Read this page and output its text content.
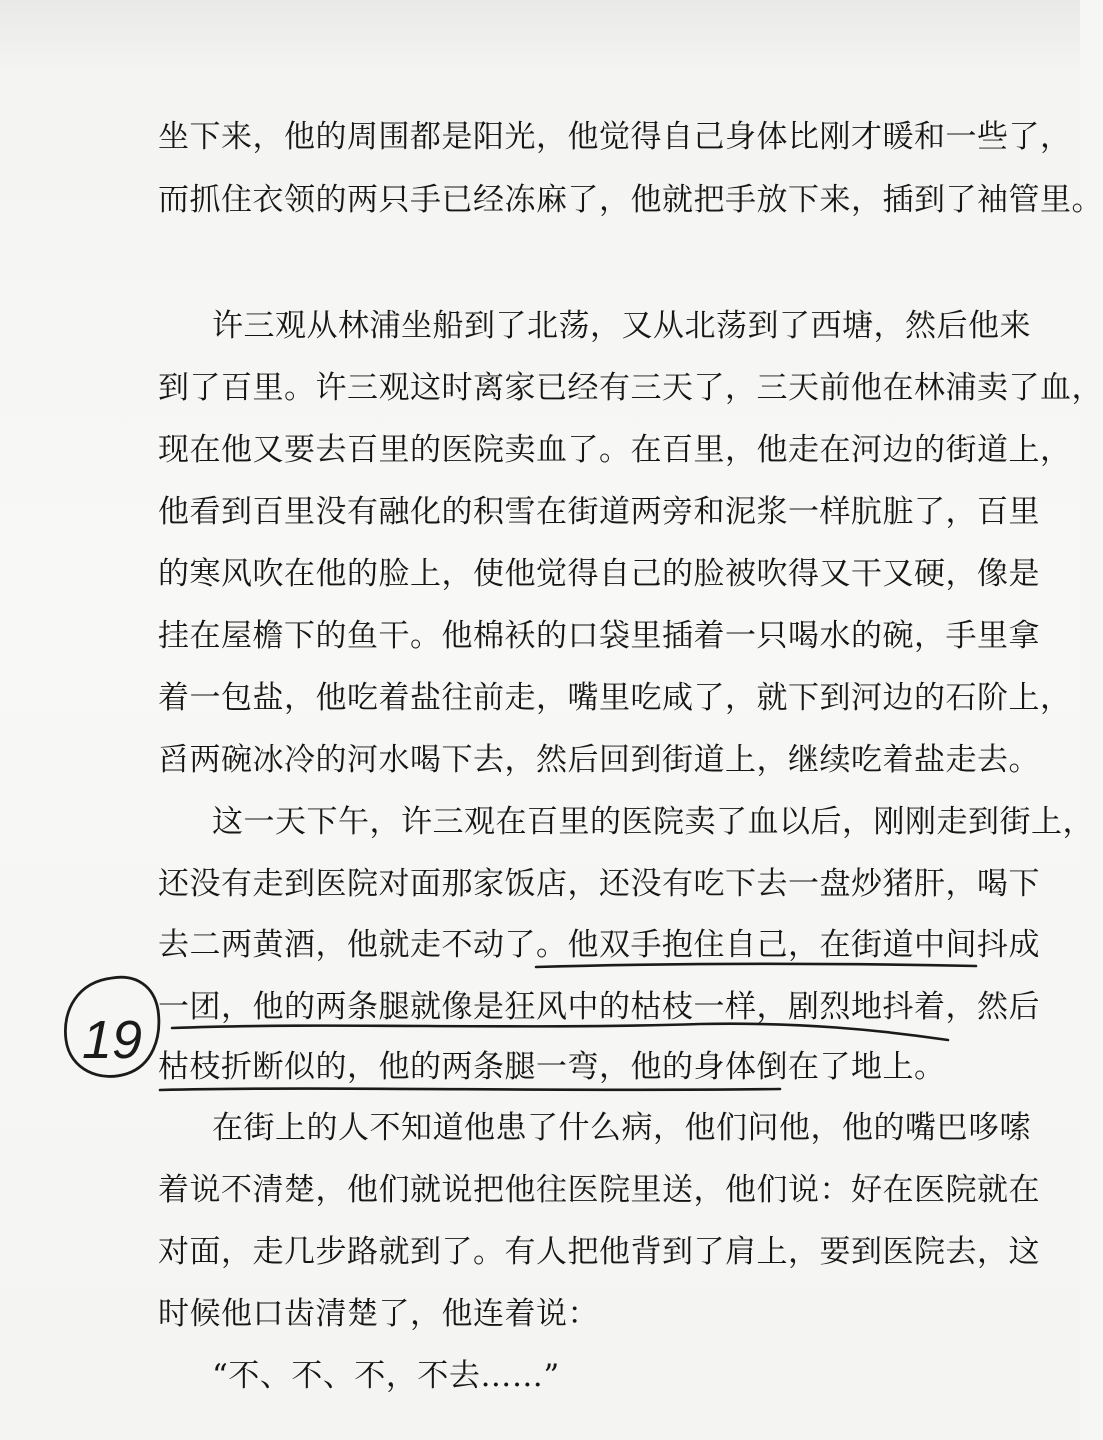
坐下来，他的周围都是阳光，他觉得自己身体比刚才暖和一些了，
而抓住衣领的两只手已经冻麻了，他就把手放下来，插到了袖管里。
许三观从林浦坐船到了北荡，又从北荡到了西塘，然后他来
到了百里。许三观这时离家已经有三天了，三天前他在林浦卖了血，
现在他又要去百里的医院卖血了。在百里，他走在河边的街道上，
他看到百里没有融化的积雪在街道两旁和泥浆一样肮脏了，百里
的寒风吹在他的脸上，使他觉得自己的脸被吹得又干又硬，像是
挂在屋檐下的鱼干。他棉袄的口袋里插着一只喝水的碗，手里拿
着一包盐，他吃着盐往前走，嘴里吃咸了，就下到河边的石阶上，
舀两碗冰冷的河水喝下去，然后回到街道上，继续吃着盐走去。
这一天下午，许三观在百里的医院卖了血以后，刚刚走到街上，
还没有走到医院对面那家饭店，还没有吃下去一盘炒猪肝，喝下
去二两黄酒，他就走不动了。他双手抱住自己，在街道中间抖成
一团，他的两条腿就像是狂风中的枯枝一样，剧烈地抖着，然后
枯枝折断似的，他的两条腿一弯，他的身体倒在了地上。
在街上的人不知道他患了什么病，他们问他，他的嘴巴哆嗦
着说不清楚，他们就说把他往医院里送，他们说：好在医院就在
对面，走几步路就到了。有人把他背到了肩上，要到医院去，这
时候他口齿清楚了，他连着说：
“不、不、不，不去……”
19
